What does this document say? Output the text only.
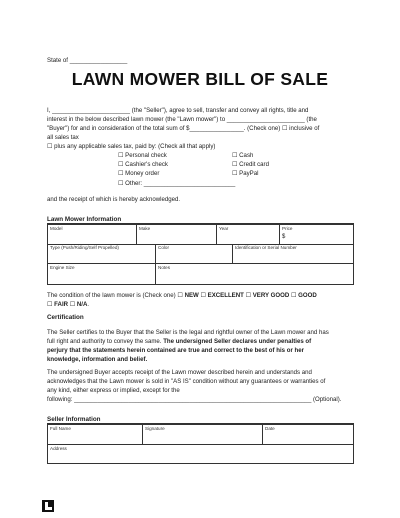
State of _________________
LAWN MOWER BILL OF SALE
I, _______________________ (the "Seller"), agree to sell, transfer and convey all rights, title and
interest in the below described lawn mower (the "Lawn mower") to _______________________ (the
"Buyer") for and in consideration of the total sum of $________________. (Check one) ☐ inclusive of
all sales tax
☐ plus any applicable sales tax, paid by: (Check all that apply)
☐ Personal check	☐ Cash
☐ Cashier's check	☐ Credit card
☐ Money order	☐ PayPal
☐ Other: ___________________________
and the receipt of which is hereby acknowledged.
Lawn Mower Information
Model	Make	Year	Price
$
Type (Push/Riding/Self Propelled)	Color	Identification or Serial Number
Engine Size	Notes
The condition of the lawn mower is (Check one) ☐ NEW ☐ EXCELLENT ☐ VERY GOOD ☐ GOOD
☐ FAIR ☐ N/A.
Certification
The Seller certifies to the Buyer that the Seller is the legal and rightful owner of the Lawn mower and has
full right and authority to convey the same. The undersigned Seller declares under penalties of
perjury that the statements herein contained are true and correct to the best of his or her
knowledge, information and belief.
The undersigned Buyer accepts receipt of the Lawn mower described herein and understands and
acknowledges that the Lawn mower is sold in "AS IS" condition without any guarantees or warranties of
any kind, either express or implied, except for the
following: ______________________________________________________________________ (Optional).
Seller Information
Full Name	Signature	Date
Address
